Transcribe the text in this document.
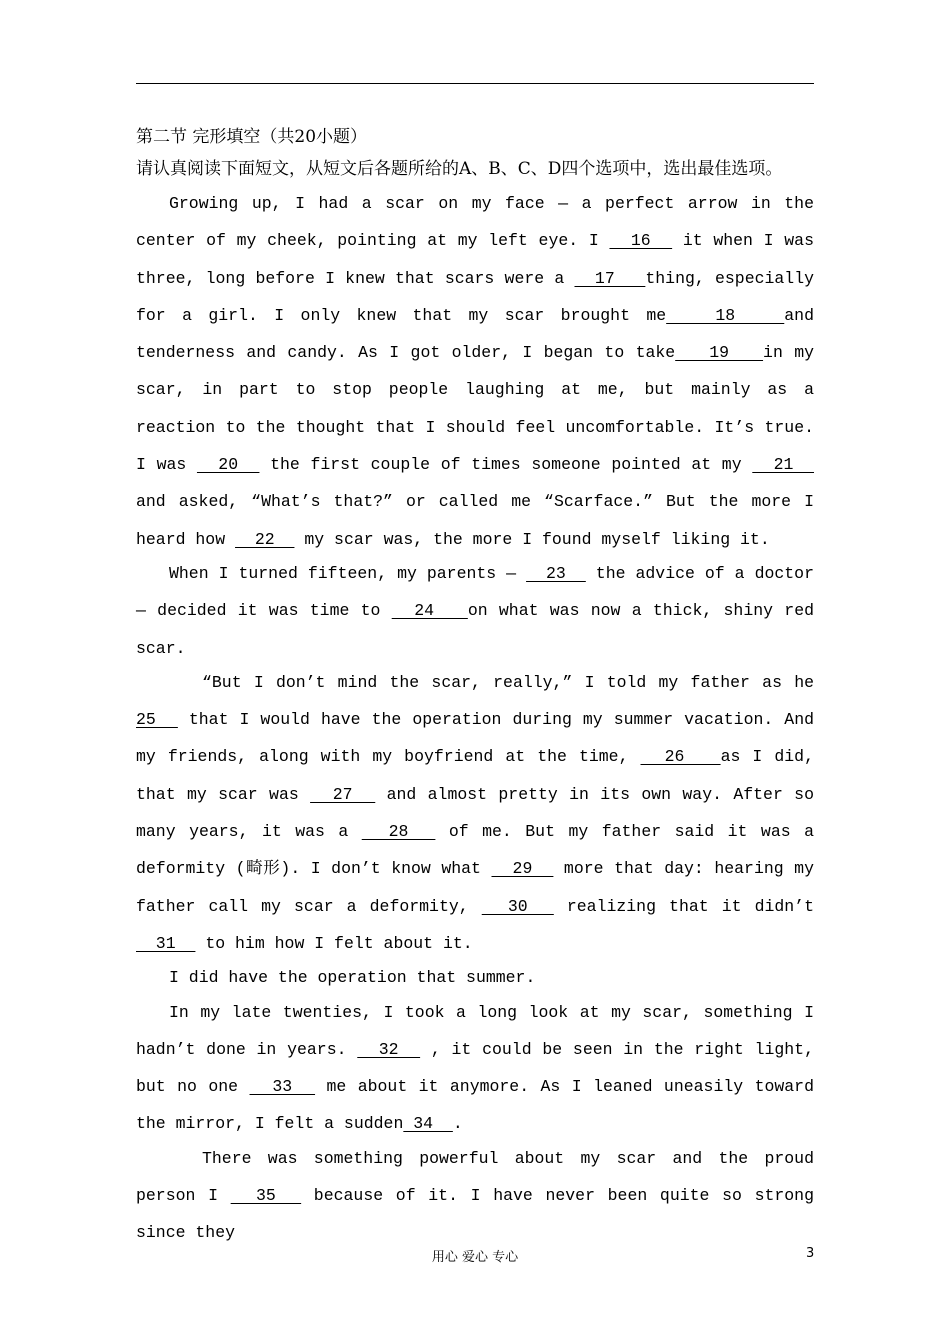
第二节 完形填空（共20小题）
请认真阅读下面短文，从短文后各题所给的A、B、C、D四个选项中，选出最佳选项。

Growing up, I had a scar on my face — a perfect arrow in the center of my cheek, pointing at my left eye. I   16   it when I was three, long before I knew that scars were a   17   thing, especially for a girl. I only knew that my scar brought me   18   and tenderness and candy. As I got older, I began to take   19   in my scar, in part to stop people laughing at me, but mainly as a reaction to the thought that I should feel uncomfortable. It’s true. I was   20   the first couple of times someone pointed at my   21   and asked, “What’s that?” or called me “Scarface.” But the more I heard how   22   my scar was, the more I found myself liking it.

When I turned fifteen, my parents —   23   the advice of a doctor — decided it was time to   24   on what was now a thick, shiny red scar.

“But I don’t mind the scar, really,” I told my father as he 25   that I would have the operation during my summer vacation. And my friends, along with my boyfriend at the time,   26   as I did, that my scar was   27   and almost pretty in its own way. After so many years, it was a   28   of me. But my father said it was a deformity (畸形). I don’t know what   29   more that day: hearing my father call my scar a deformity,   30   realizing that it didn’t   31   to him how I felt about it.

I did have the operation that summer.

In my late twenties, I took a long look at my scar, something I hadn’t done in years.   32   , it could be seen in the right light, but no one   33   me about it anymore. As I leaned uneasily toward the mirror, I felt a sudden 34  .

There was something powerful about my scar and the proud person I   35   because of it. I have never been quite so strong since they

用心 爱心 专心	3
